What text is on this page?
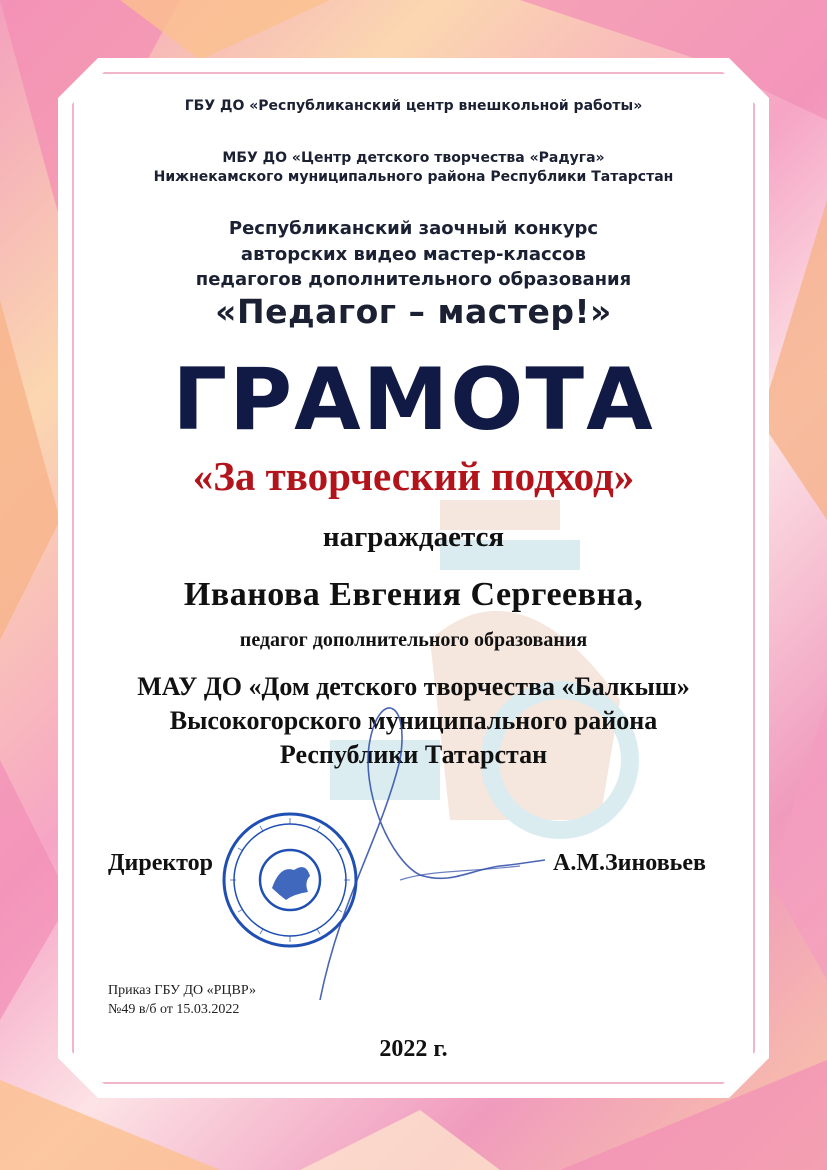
ГБУ ДО «Республиканский центр внешкольной работы»
МБУ ДО «Центр детского творчества «Радуга»
Нижнекамского муниципального района Республики Татарстан
Республиканский заочный конкурс
авторских видео мастер-классов
педагогов дополнительного образования
«Педагог – мастер!»
ГРАМОТА
«За творческий подход»
награждается
Иванова Евгения Сергеевна,
педагог дополнительного образования
МАУ ДО «Дом детского творчества «Балкыш»
Высокогорского муниципального района
Республики Татарстан
Директор	А.М.Зиновьев
Приказ ГБУ ДО «РЦВР»
№49 в/б от 15.03.2022
2022 г.
